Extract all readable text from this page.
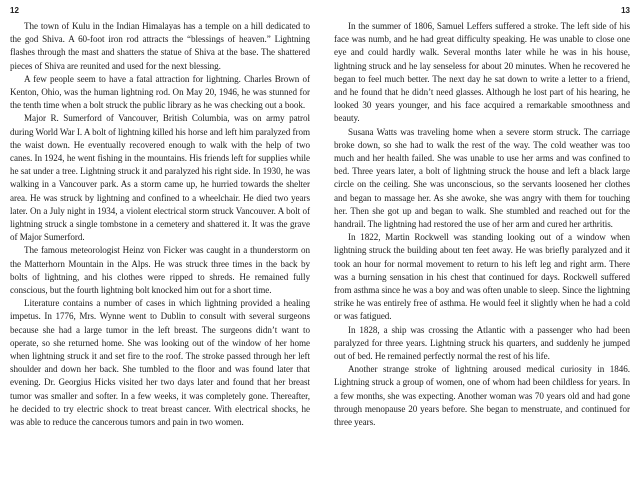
12

The town of Kulu in the Indian Himalayas has a temple on a hill dedicated to the god Shiva. A 60-foot iron rod attracts the “blessings of heaven.” Lightning flashes through the mast and shatters the statue of Shiva at the base. The shattered pieces of Shiva are reunited and used for the next blessing.

A few people seem to have a fatal attraction for lightning. Charles Brown of Kenton, Ohio, was the human lightning rod. On May 20, 1946, he was stunned for the tenth time when a bolt struck the public library as he was checking out a book.

Major R. Sumerford of Vancouver, British Columbia, was on army patrol during World War I. A bolt of lightning killed his horse and left him paralyzed from the waist down. He eventually recovered enough to walk with the help of two canes. In 1924, he went fishing in the mountains. His friends left for supplies while he sat under a tree. Lightning struck it and paralyzed his right side. In 1930, he was walking in a Vancouver park. As a storm came up, he hurried towards the shelter area. He was struck by lightning and confined to a wheelchair. He died two years later. On a July night in 1934, a violent electrical storm struck Vancouver. A bolt of lightning struck a single tombstone in a cemetery and shattered it. It was the grave of Major Sumerford.

The famous meteorologist Heinz von Ficker was caught in a thunderstorm on the Matterhorn Mountain in the Alps. He was struck three times in the back by bolts of lightning, and his clothes were ripped to shreds. He remained fully conscious, but the fourth lightning bolt knocked him out for a short time.

Literature contains a number of cases in which lightning provided a healing impetus. In 1776, Mrs. Wynne went to Dublin to consult with several surgeons because she had a large tumor in the left breast. The surgeons didn’t want to operate, so she returned home. She was looking out of the window of her home when lightning struck it and set fire to the roof. The stroke passed through her left shoulder and down her back. She tumbled to the floor and was found later that evening. Dr. Georgius Hicks visited her two days later and found that her breast tumor was smaller and softer. In a few weeks, it was completely gone. Thereafter, he decided to try electric shock to treat breast cancer. With electrical shocks, he was able to reduce the cancerous tumors and pain in two women.

13

In the summer of 1806, Samuel Leffers suffered a stroke. The left side of his face was numb, and he had great difficulty speaking. He was unable to close one eye and could hardly walk. Several months later while he was in his house, lightning struck and he lay senseless for about 20 minutes. When he recovered he began to feel much better. The next day he sat down to write a letter to a friend, and he found that he didn’t need glasses. Although he lost part of his hearing, he looked 30 years younger, and his face acquired a remarkable smoothness and beauty.

Susana Watts was traveling home when a severe storm struck. The carriage broke down, so she had to walk the rest of the way. The cold weather was too much and her health failed. She was unable to use her arms and was confined to bed. Three years later, a bolt of lightning struck the house and left a black large circle on the ceiling. She was unconscious, so the servants loosened her clothes and began to massage her. As she awoke, she was angry with them for touching her. Then she got up and began to walk. She stumbled and reached out for the handrail. The lightning had restored the use of her arm and cured her arthritis.

In 1822, Martin Rockwell was standing looking out of a window when lightning struck the building about ten feet away. He was briefly paralyzed and it took an hour for normal movement to return to his left leg and right arm. There was a burning sensation in his chest that continued for days. Rockwell suffered from asthma since he was a boy and was often unable to sleep. Since the lightning strike he was entirely free of asthma. He would feel it slightly when he had a cold or was fatigued.

In 1828, a ship was crossing the Atlantic with a passenger who had been paralyzed for three years. Lightning struck his quarters, and suddenly he jumped out of bed. He remained perfectly normal the rest of his life.

Another strange stroke of lightning aroused medical curiosity in 1846. Lightning struck a group of women, one of whom had been childless for years. In a few months, she was expecting. Another woman was 70 years old and had gone through menopause 20 years before. She began to menstruate, and continued for three years.
